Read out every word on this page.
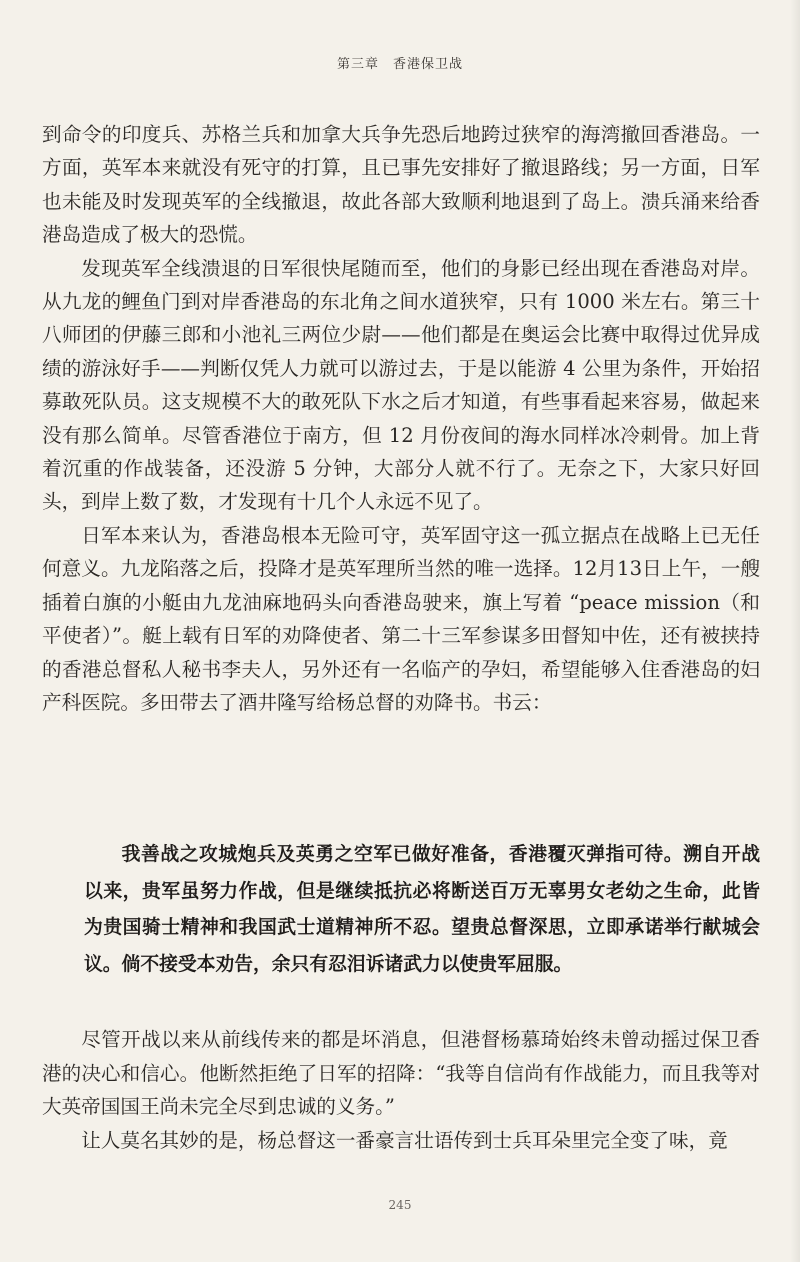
第三章 香港保卫战

到命令的印度兵、苏格兰兵和加拿大兵争先恐后地跨过狭窄的海湾撤回香港岛。一方面，英军本来就没有死守的打算，且已事先安排好了撤退路线；另一方面，日军也未能及时发现英军的全线撤退，故此各部大致顺利地退到了岛上。溃兵涌来给香港岛造成了极大的恐慌。

发现英军全线溃退的日军很快尾随而至，他们的身影已经出现在香港岛对岸。从九龙的鲤鱼门到对岸香港岛的东北角之间水道狭窄，只有 1000 米左右。第三十八师团的伊藤三郎和小池礼三两位少尉——他们都是在奥运会比赛中取得过优异成绩的游泳好手——判断仅凭人力就可以游过去，于是以能游 4 公里为条件，开始招募敢死队员。这支规模不大的敢死队下水之后才知道，有些事看起来容易，做起来没有那么简单。尽管香港位于南方，但 12 月份夜间的海水同样冰冷刺骨。加上背着沉重的作战装备，还没游 5 分钟，大部分人就不行了。无奈之下，大家只好回头，到岸上数了数，才发现有十几个人永远不见了。

日军本来认为，香港岛根本无险可守，英军固守这一孤立据点在战略上已无任何意义。九龙陷落之后，投降才是英军理所当然的唯一选择。12月13日上午，一艘插着白旗的小艇由九龙油麻地码头向香港岛驶来，旗上写着 “peace mission（和平使者）”。艇上载有日军的劝降使者、第二十三军参谋多田督知中佐，还有被挟持的香港总督私人秘书李夫人，另外还有一名临产的孕妇，希望能够入住香港岛的妇产科医院。多田带去了酒井隆写给杨总督的劝降书。书云：

我善战之攻城炮兵及英勇之空军已做好准备，香港覆灭弹指可待。溯自开战以来，贵军虽努力作战，但是继续抵抗必将断送百万无辜男女老幼之生命，此皆为贵国骑士精神和我国武士道精神所不忍。望贵总督深思，立即承诺举行献城会议。倘不接受本劝告，余只有忍泪诉诸武力以使贵军屈服。

尽管开战以来从前线传来的都是坏消息，但港督杨慕琦始终未曾动摇过保卫香港的决心和信心。他断然拒绝了日军的招降：“我等自信尚有作战能力，而且我等对大英帝国国王尚未完全尽到忠诚的义务。”

让人莫名其妙的是，杨总督这一番豪言壮语传到士兵耳朵里完全变了味，竟

245
